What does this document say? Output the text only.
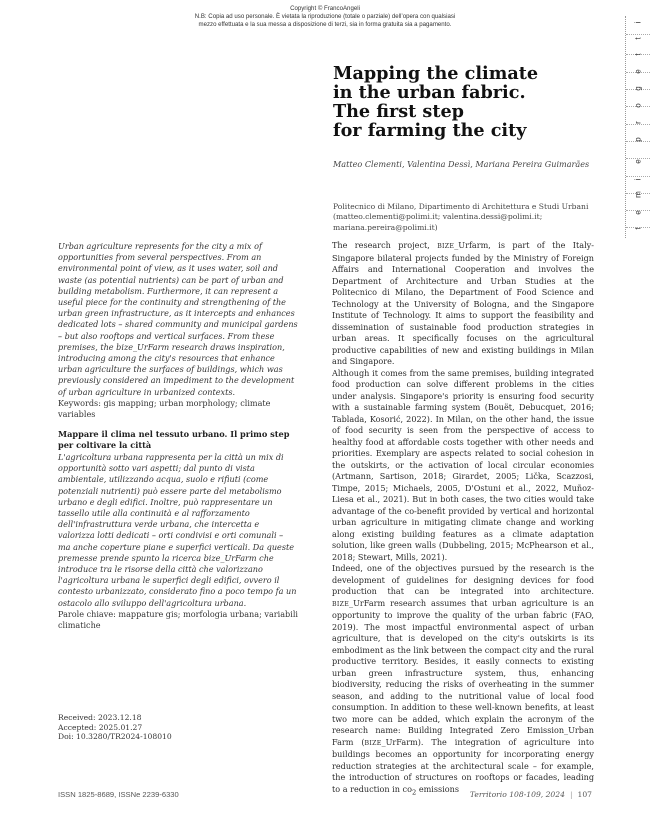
Copyright © FrancoAngeli
N.B: Copia ad uso personale. È vietata la riproduzione (totale o parziale) dell’opera con qualsiasi
mezzo effettuata e la sua messa a disposizione di terzi, sia in forma gratuita sia a pagamento.
t
e
m
i
e
p
r
o
g
e
t
t
i
Mapping the climate
in the urban fabric.
The first step
for farming the city
Matteo Clementi, Valentina Dessì, Mariana Pereira Guimarães
Politecnico di Milano, Dipartimento di Architettura e Studi Urbani
(matteo.clementi@polimi.it; valentina.dessi@polimi.it;
mariana.pereira@polimi.it)
Urban agriculture represents for the city a mix of opportunities from several perspectives. From an environmental point of view, as it uses water, soil and waste (as potential nutrients) can be part of urban and building metabolism. Furthermore, it can represent a useful piece for the continuity and strengthening of the urban green infrastructure, as it intercepts and enhances dedicated lots – shared community and municipal gardens – but also rooftops and vertical surfaces. From these premises, the bize_UrFarm research draws inspiration, introducing among the city's resources that enhance urban agriculture the surfaces of buildings, which was previously considered an impediment to the development of urban agriculture in urbanized contexts.
Keywords: gis mapping; urban morphology; climate variables
Mappare il clima nel tessuto urbano. Il primo step per coltivare la città
L'agricoltura urbana rappresenta per la città un mix di opportunità sotto vari aspetti; dal punto di vista ambientale, utilizzando acqua, suolo e rifiuti (come potenziali nutrienti) può essere parte del metabolismo urbano e degli edifici. Inoltre, può rappresentare un tassello utile alla continuità e al rafforzamento dell'infrastruttura verde urbana, che intercetta e valorizza lotti dedicati – orti condivisi e orti comunali – ma anche coperture piane e superfici verticali. Da queste premesse prende spunto la ricerca bize_UrFarm che introduce tra le risorse della città che valorizzano l'agricoltura urbana le superfici degli edifici, ovvero il contesto urbanizzato, considerato fino a poco tempo fa un ostacolo allo sviluppo dell'agricoltura urbana.
Parole chiave: mappature gis; morfologia urbana; variabili climatiche
Received: 2023.12.18
Accepted: 2025.01.27
Doi: 10.3280/TR2024-108010

The research project, BIZE_Urfarm, is part of the Italy-Singapore bilateral projects funded by the Ministry of Foreign Affairs and International Cooperation and involves the Department of Architecture and Urban Studies at the Politecnico di Milano, the Department of Food Science and Technology at the University of Bologna, and the Singapore Institute of Technology. It aims to support the feasibility and dissemination of sustainable food production strategies in urban areas. It specifically focuses on the agricultural productive capabilities of new and existing buildings in Milan and Singapore.

Although it comes from the same premises, building integrated food production can solve different problems in the cities under analysis. Singapore's priority is ensuring food security with a sustainable farming system (Bouët, Debucquet, 2016; Tablada, Kosorić, 2022). In Milan, on the other hand, the issue of food security is seen from the perspective of access to healthy food at affordable costs together with other needs and priorities. Exemplary are aspects related to social cohesion in the outskirts, or the activation of local circular economies (Artmann, Sartison, 2018; Girardet, 2005; Lička, Scazzosi, Timpe, 2015; Michaels, 2005, D'Ostuni et al., 2022, Muñoz-Liesa et al., 2021). But in both cases, the two cities would take advantage of the co-benefit provided by vertical and horizontal urban agriculture in mitigating climate change and working along existing building features as a climate adaptation solution, like green walls (Dubbeling, 2015; McPhearson et al., 2018; Stewart, Mills, 2021).

Indeed, one of the objectives pursued by the research is the development of guidelines for designing devices for food production that can be integrated into architecture. BIZE_UrFarm research assumes that urban agriculture is an opportunity to improve the quality of the urban fabric (FAO, 2019). The most impactful environmental aspect of urban agriculture, that is developed on the city's outskirts is its embodiment as the link between the compact city and the rural productive territory. Besides, it easily connects to existing urban green infrastructure system, thus, enhancing biodiversity, reducing the risks of overheating in the summer season, and adding to the nutritional value of local food consumption. In addition to these well-known benefits, at least two more can be added, which explain the acronym of the research name: Building Integrated Zero Emission_Urban Farm (BIZE_UrFarm). The integration of agriculture into buildings becomes an opportunity for incorporating energy reduction strategies at the architectural scale – for example, the introduction of structures on rooftops or facades, leading to a reduction in $co_2$ emissions

ISSN 1825-8689, ISSNe 2239-6330	Territorio 108-109, 2024 | 107
